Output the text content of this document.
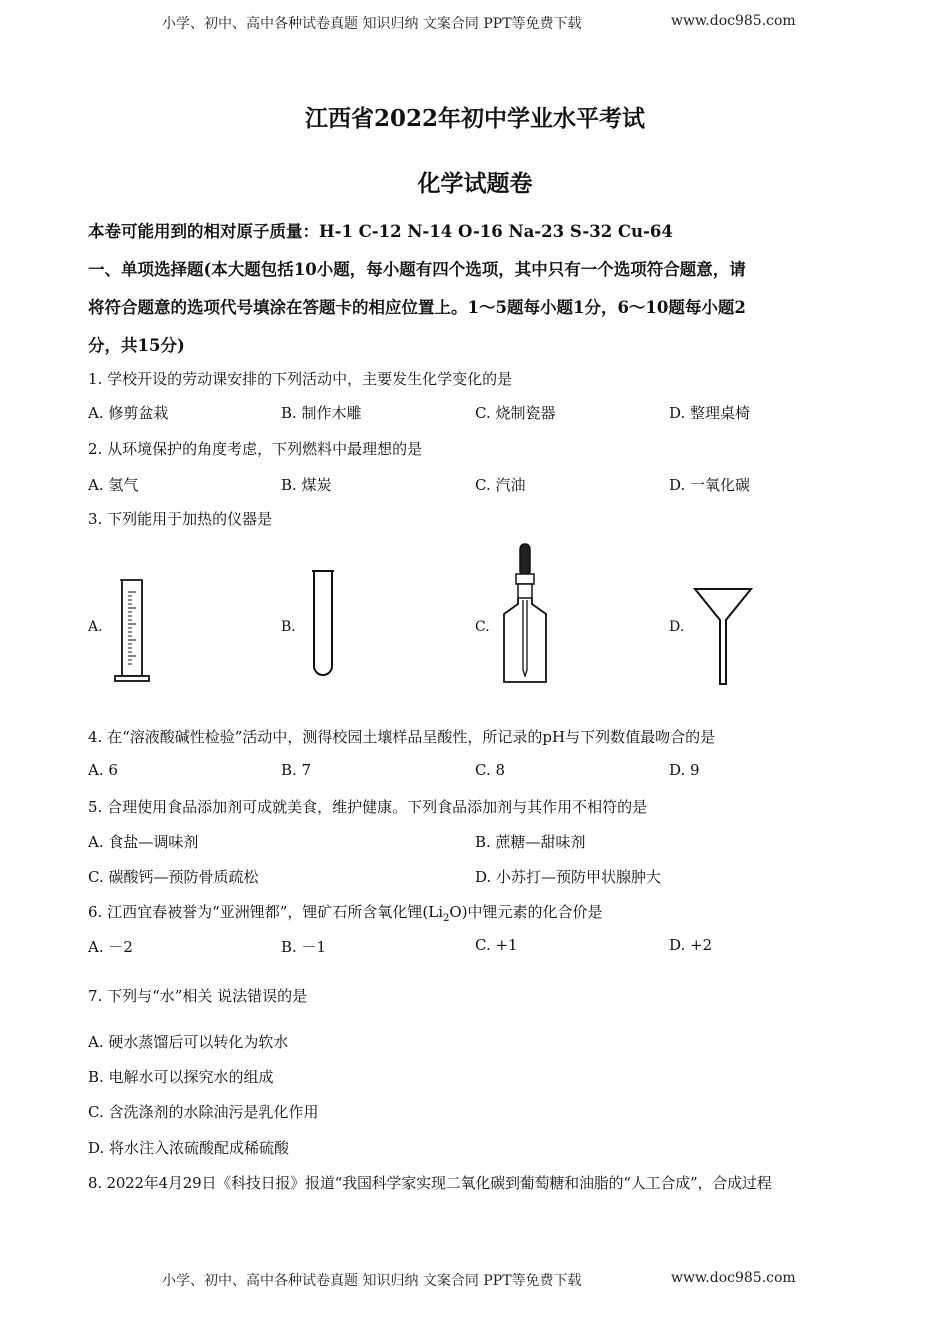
小学、初中、高中各种试卷真题 知识归纳 文案合同 PPT等免费下载	www.doc985.com
江西省2022年初中学业水平考试
化学试题卷
本卷可能用到的相对原子质量：H-1 C-12 N-14 O-16 Na-23 S-32 Cu-64
一、单项选择题(本大题包括10小题，每小题有四个选项，其中只有一个选项符合题意，请
将符合题意的选项代号填涂在答题卡的相应位置上。1～5题每小题1分，6～10题每小题2
分，共15分)
1. 学校开设的劳动课安排的下列活动中，主要发生化学变化的是
A. 修剪盆栽	B. 制作木雕	C. 烧制瓷器	D. 整理桌椅
2. 从环境保护的角度考虑，下列燃料中最理想的是
A. 氢气	B. 煤炭	C. 汽油	D. 一氧化碳
3. 下列能用于加热的仪器是
A.	B.	C.	D.
4. 在“溶液酸碱性检验”活动中，测得校园土壤样品呈酸性，所记录的pH与下列数值最吻合的是
A. 6	B. 7	C. 8	D. 9
5. 合理使用食品添加剂可成就美食，维护健康。下列食品添加剂与其作用不相符的是
A. 食盐—调味剂	B. 蔗糖—甜味剂
C. 碳酸钙—预防骨质疏松	D. 小苏打—预防甲状腺肿大
6. 江西宜春被誉为“亚洲锂都”，锂矿石所含氧化锂$(Li_2O)$中锂元素的化合价是
A. －2	B. －1	C. +1	D. +2
7. 下列与“水”相关 说法错误的是
A. 硬水蒸馏后可以转化为软水
B. 电解水可以探究水的组成
C. 含洗涤剂的水除油污是乳化作用
D. 将水注入浓硫酸配成稀硫酸
8. 2022年4月29日《科技日报》报道“我国科学家实现二氧化碳到葡萄糖和油脂的“人工合成”，合成过程
小学、初中、高中各种试卷真题 知识归纳 文案合同 PPT等免费下载	www.doc985.com
